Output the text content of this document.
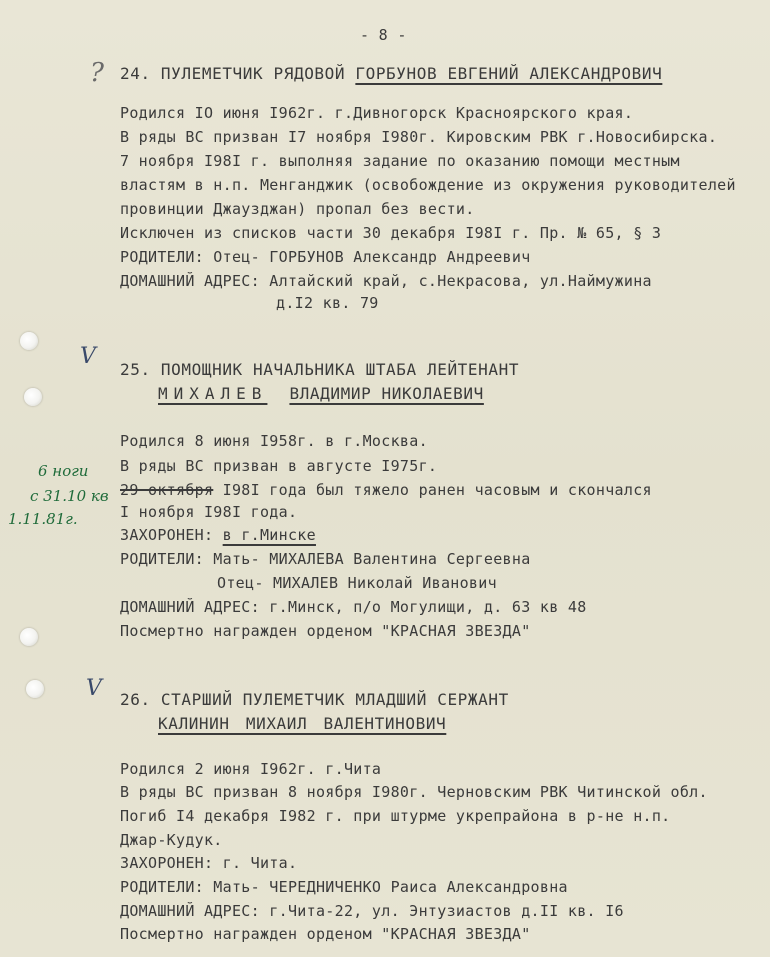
- 8 -
?
V
V
6 ноги
с 31.10 кв
1.11.81г.
24. ПУЛЕМЕТЧИК РЯДОВОЙ ГОРБУНОВ ЕВГЕНИЙ АЛЕКСАНДРОВИЧ
Родился IO июня I962г. г.Дивногорск Красноярского края.
В ряды ВС призван I7 ноября I980г. Кировским РВК г.Новосибирска.
7 ноября I98I г. выполняя задание по оказанию помощи местным
властям в н.п. Менганджик (освобождение из окружения руководителей
провинции Джаузджан) пропал без вести.
Исключен из списков части 30 декабря I98I г. Пр. № 65, § 3
РОДИТЕЛИ: Отец- ГОРБУНОВ Александр Андреевич
ДОМАШНИЙ АДРЕС: Алтайский край, с.Некрасова, ул.Наймужина
д.I2 кв. 79
25. ПОМОЩНИК НАЧАЛЬНИКА ШТАБА ЛЕЙТЕНАНТ
МИХАЛЕВ ВЛАДИМИР НИКОЛАЕВИЧ
Родился 8 июня I958г. в г.Москва.
В ряды ВС призван в августе I975г.
29 октября I98I года был тяжело ранен часовым и скончался
I ноября I98I года.
ЗАХОРОНЕН: в г.Минске
РОДИТЕЛИ: Мать- МИХАЛЕВА Валентина Сергеевна
Отец- МИХАЛЕВ Николай Иванович
ДОМАШНИЙ АДРЕС: г.Минск, п/о Могулищи, д. 63 кв 48
Посмертно награжден орденом "КРАСНАЯ ЗВЕЗДА"
26. СТАРШИЙ ПУЛЕМЕТЧИК МЛАДШИЙ СЕРЖАНТ
КАЛИНИН МИХАИЛ ВАЛЕНТИНОВИЧ
Родился 2 июня I962г. г.Чита
В ряды ВС призван 8 ноября I980г. Черновским РВК Читинской обл.
Погиб I4 декабря I982 г. при штурме укрепрайона в р-не н.п.
Джар-Кудук.
ЗАХОРОНЕН: г. Чита.
РОДИТЕЛИ: Мать- ЧЕРЕДНИЧЕНКО Раиса Александровна
ДОМАШНИЙ АДРЕС: г.Чита-22, ул. Энтузиастов д.II кв. I6
Посмертно награжден орденом "КРАСНАЯ ЗВЕЗДА"
